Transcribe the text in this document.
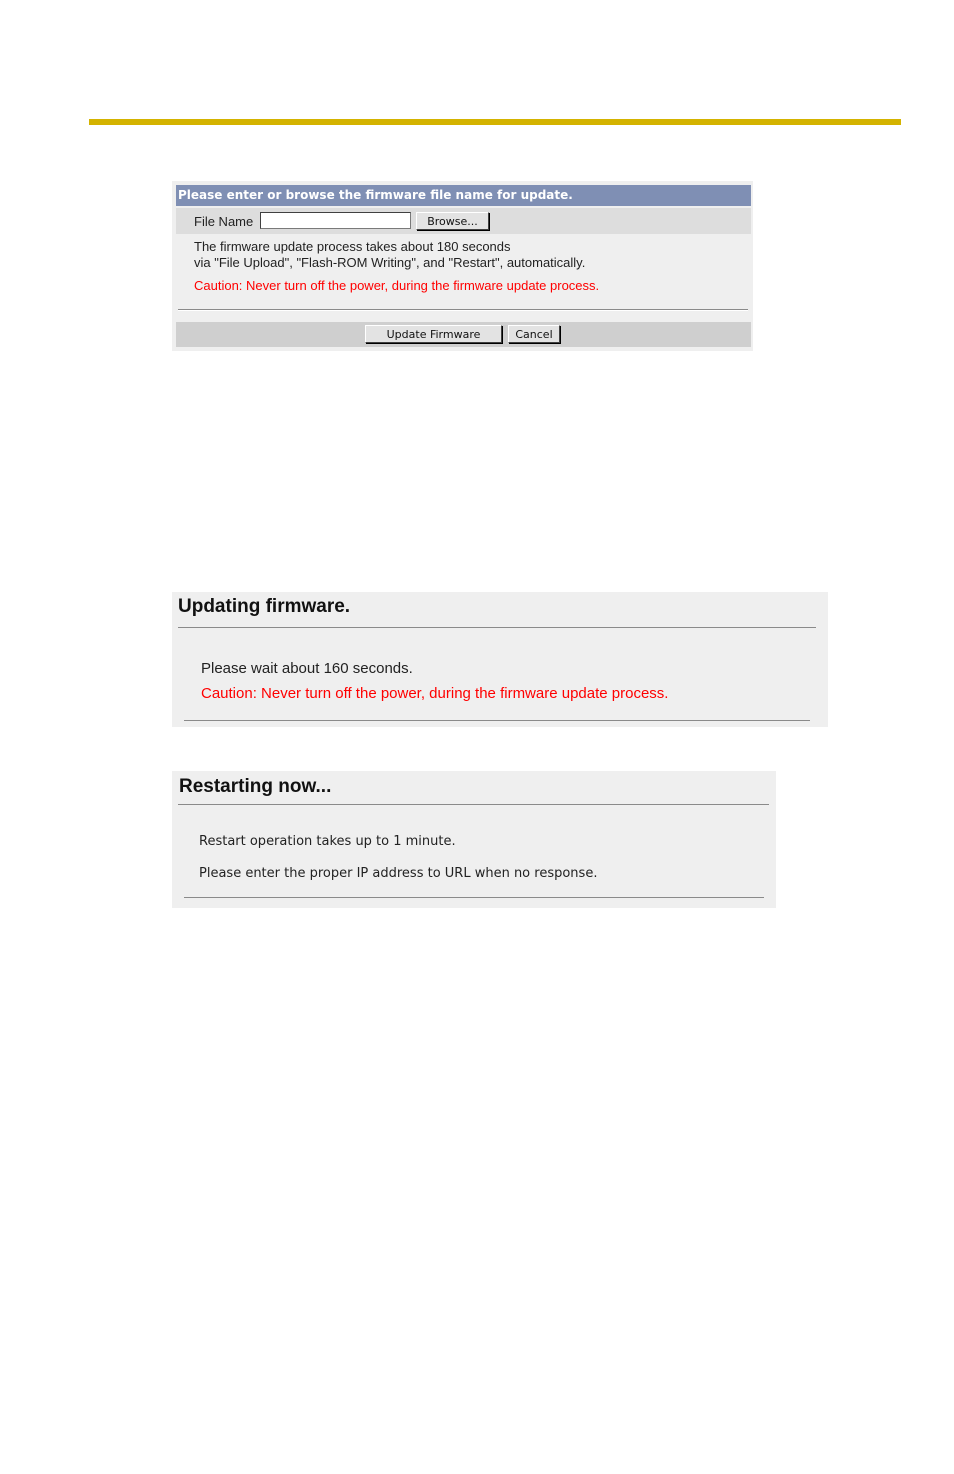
Please enter or browse the firmware file name for update.
File Name	Browse...
The firmware update process takes about 180 seconds
via "File Upload", "Flash-ROM Writing", and "Restart", automatically.
Caution: Never turn off the power, during the firmware update process.
Update Firmware	Cancel
Updating firmware.
Please wait about 160 seconds.
Caution: Never turn off the power, during the firmware update process.
Restarting now...
Restart operation takes up to 1 minute.
Please enter the proper IP address to URL when no response.
